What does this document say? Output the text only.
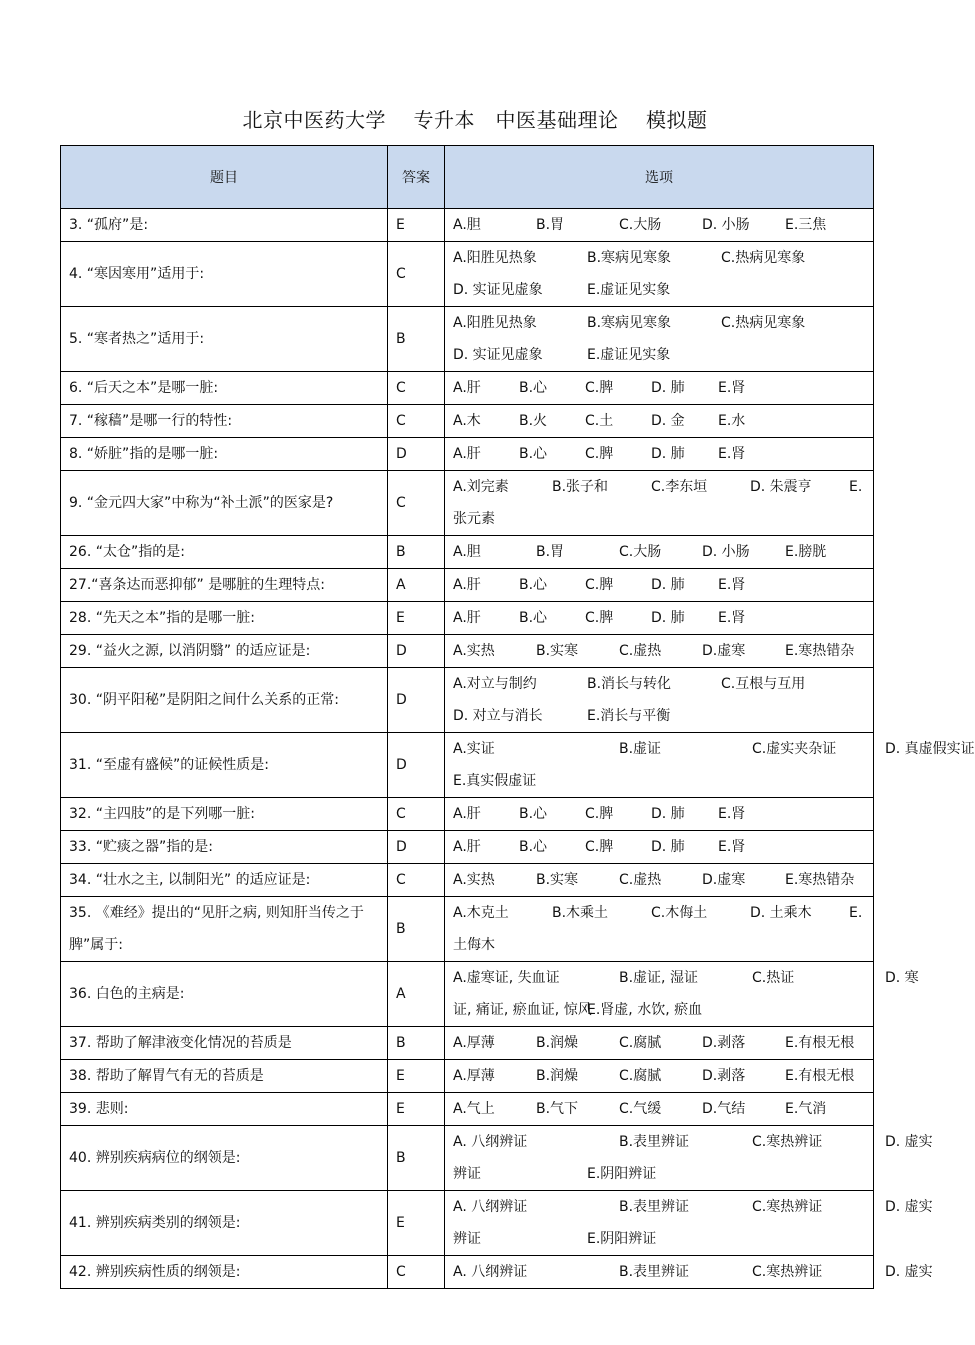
北京中医药大学    专升本   中医基础理论    模拟题
题目	答案	选项
3. “孤府”是:	E	A.胆 B.胃 C.大肠 D. 小肠 E.三焦

4. “寒因寒用”适用于:	C	A.阳胜见热象 B.寒病见寒象 C.热病见寒象
D. 实证见虚象 E.虚证见实象

5. “寒者热之”适用于:	B	A.阳胜见热象 B.寒病见寒象 C.热病见寒象
D. 实证见虚象 E.虚证见实象

6. “后天之本”是哪一脏:	C	A.肝 B.心 C.脾 D. 肺 E.肾

7. “稼穑”是哪一行的特性:	C	A.木 B.火 C.土 D. 金 E.水

8. “娇脏”指的是哪一脏:	D	A.肝 B.心 C.脾 D. 肺 E.肾

9. “金元四大家”中称为“补土派”的医家是?	C	A.刘完素 B.张子和 C.李东垣 D. 朱震亨 E.
张元素

26. “太仓”指的是:	B	A.胆 B.胃 C.大肠 D. 小肠 E.膀胱

27.“喜条达而恶抑郁” 是哪脏的生理特点:	A	A.肝 B.心 C.脾 D. 肺 E.肾

28. “先天之本”指的是哪一脏:	E	A.肝 B.心 C.脾 D. 肺 E.肾

29. “益火之源, 以消阴翳” 的适应证是:	D	A.实热 B.实寒 C.虚热 D.虚寒 E.寒热错杂

30. “阴平阳秘”是阴阳之间什么关系的正常:	D	A.对立与制约 B.消长与转化 C.互根与互用
D. 对立与消长 E.消长与平衡

31. “至虚有盛候”的证候性质是:	D	A.实证 B.虚证 C.虚实夹杂证 D. 真虚假实证
E.真实假虚证

32. “主四肢”的是下列哪一脏:	C	A.肝 B.心 C.脾 D. 肺 E.肾

33. “贮痰之器”指的是:	D	A.肝 B.心 C.脾 D. 肺 E.肾

34. “壮水之主, 以制阳光” 的适应证是:	C	A.实热 B.实寒 C.虚热 D.虚寒 E.寒热错杂

35. 《难经》提出的“见肝之病, 则知肝当传之于脾”属于:	B	A.木克土 B.木乘土 C.木侮土 D. 土乘木 E.
土侮木

36. 白色的主病是:	A	A.虚寒证, 失血证 B.虚证, 湿证 C.热证 D. 寒
证, 痛证, 瘀血证, 惊风E.肾虚, 水饮, 瘀血

37. 帮助了解津液变化情况的苔质是	B	A.厚薄 B.润燥 C.腐腻 D.剥落 E.有根无根

38. 帮助了解胃气有无的苔质是	E	A.厚薄 B.润燥 C.腐腻 D.剥落 E.有根无根

39. 悲则:	E	A.气上 B.气下 C.气缓 D.气结 E.气消

40. 辨别疾病病位的纲领是:	B	A. 八纲辨证 B.表里辨证 C.寒热辨证 D. 虚实
辨证 E.阴阳辨证

41. 辨别疾病类别的纲领是:	E	A. 八纲辨证 B.表里辨证 C.寒热辨证 D. 虚实
辨证 E.阴阳辨证

42. 辨别疾病性质的纲领是:	C	A. 八纲辨证 B.表里辨证 C.寒热辨证 D. 虚实
